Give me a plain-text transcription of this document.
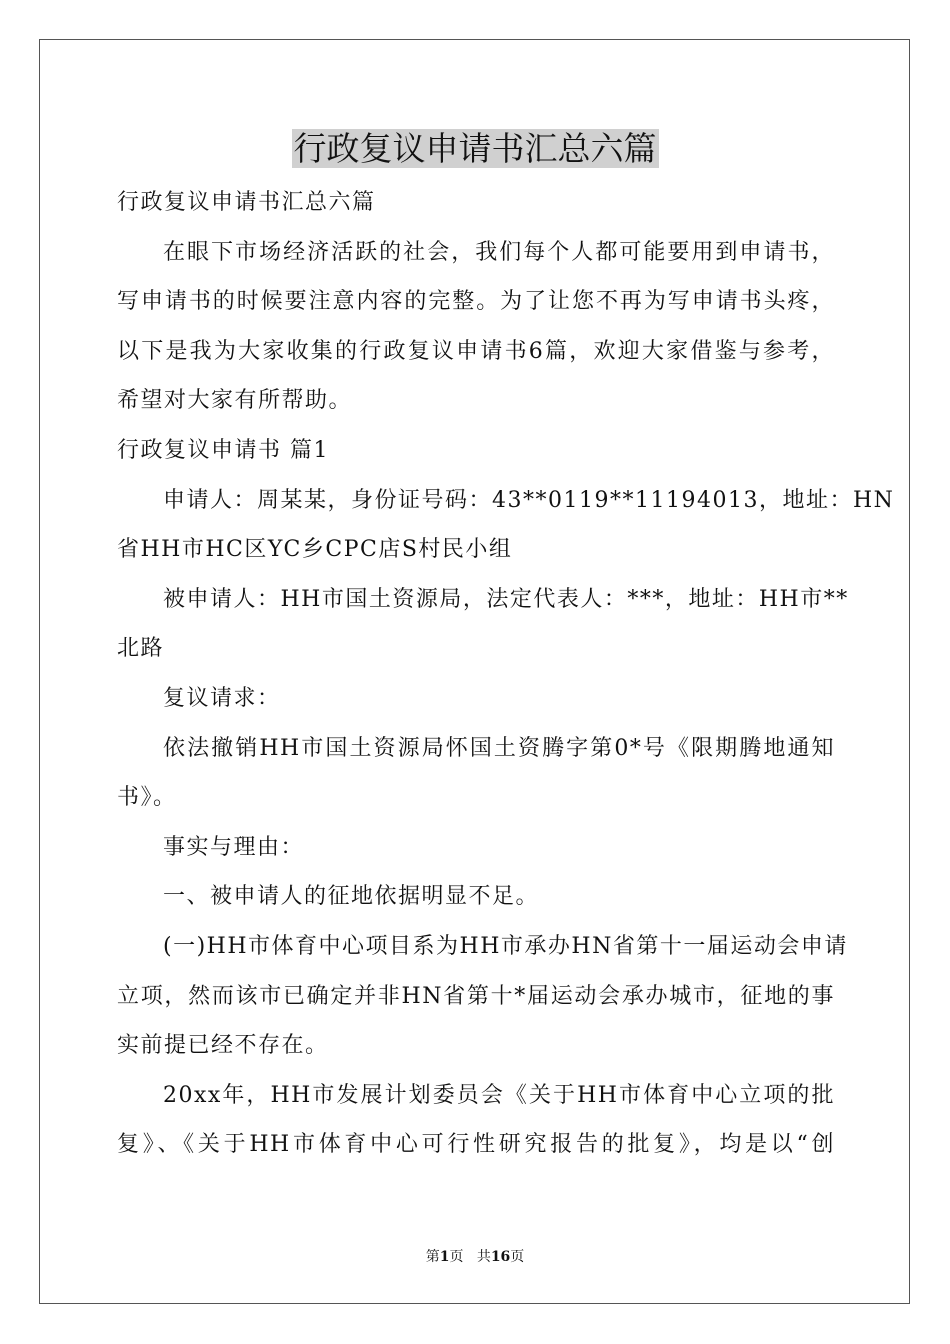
行政复议申请书汇总六篇

行政复议申请书汇总六篇

在眼下市场经济活跃的社会，我们每个人都可能要用到申请书，

写申请书的时候要注意内容的完整。为了让您不再为写申请书头疼，

以下是我为大家收集的行政复议申请书6篇，欢迎大家借鉴与参考，

希望对大家有所帮助。

行政复议申请书 篇1

申请人：周某某，身份证号码：43**0119**11194013，地址：HN

省HH市HC区YC乡CPC店S村民小组

被申请人：HH市国土资源局，法定代表人：***，地址：HH市**

北路

复议请求：

依法撤销HH市国土资源局怀国土资腾字第0*号《限期腾地通知

书》。

事实与理由：

一、被申请人的征地依据明显不足。

(一)HH市体育中心项目系为HH市承办HN省第十一届运动会申请

立项，然而该市已确定并非HN省第十*届运动会承办城市，征地的事

实前提已经不存在。

20xx年，HH市发展计划委员会《关于HH市体育中心立项的批

复》、《关于HH市体育中心可行性研究报告的批复》，均是以“创

第1页 共16页
